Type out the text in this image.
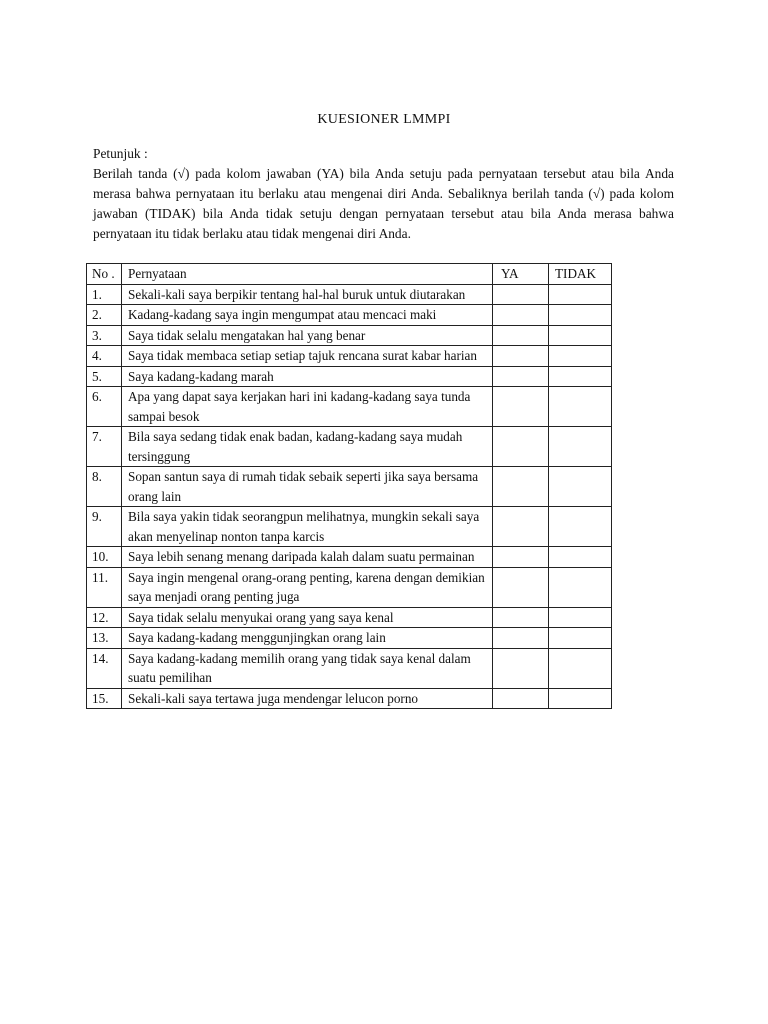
KUESIONER LMMPI
Petunjuk :
Berilah tanda (√) pada kolom jawaban (YA) bila Anda setuju pada pernyataan tersebut atau bila Anda merasa bahwa pernyataan itu berlaku atau mengenai diri Anda. Sebaliknya berilah tanda (√) pada kolom jawaban (TIDAK) bila Anda tidak setuju dengan pernyataan tersebut atau bila Anda merasa bahwa pernyataan itu tidak berlaku atau tidak mengenai diri Anda.
No .	Pernyataan	YA	TIDAK
1.	Sekali-kali saya berpikir tentang hal-hal buruk untuk diutarakan		
2.	Kadang-kadang saya ingin mengumpat atau mencaci maki		
3.	Saya tidak selalu mengatakan hal yang benar		
4.	Saya tidak membaca setiap setiap tajuk rencana surat kabar harian		
5.	Saya kadang-kadang marah		
6.	Apa yang dapat saya kerjakan hari ini kadang-kadang saya tunda sampai besok		
7.	Bila saya sedang tidak enak badan, kadang-kadang saya mudah tersinggung		
8.	Sopan santun saya di rumah tidak sebaik seperti jika saya bersama orang lain		
9.	Bila saya yakin tidak seorangpun melihatnya, mungkin sekali saya akan menyelinap nonton tanpa karcis		
10.	Saya lebih senang menang daripada kalah dalam suatu permainan		
11.	Saya ingin mengenal orang-orang penting, karena dengan demikian saya menjadi orang penting juga		
12.	Saya tidak selalu menyukai orang yang saya kenal		
13.	Saya kadang-kadang menggunjingkan orang lain		
14.	Saya kadang-kadang memilih orang yang tidak saya kenal dalam suatu pemilihan		
15.	Sekali-kali saya tertawa juga mendengar lelucon porno		
